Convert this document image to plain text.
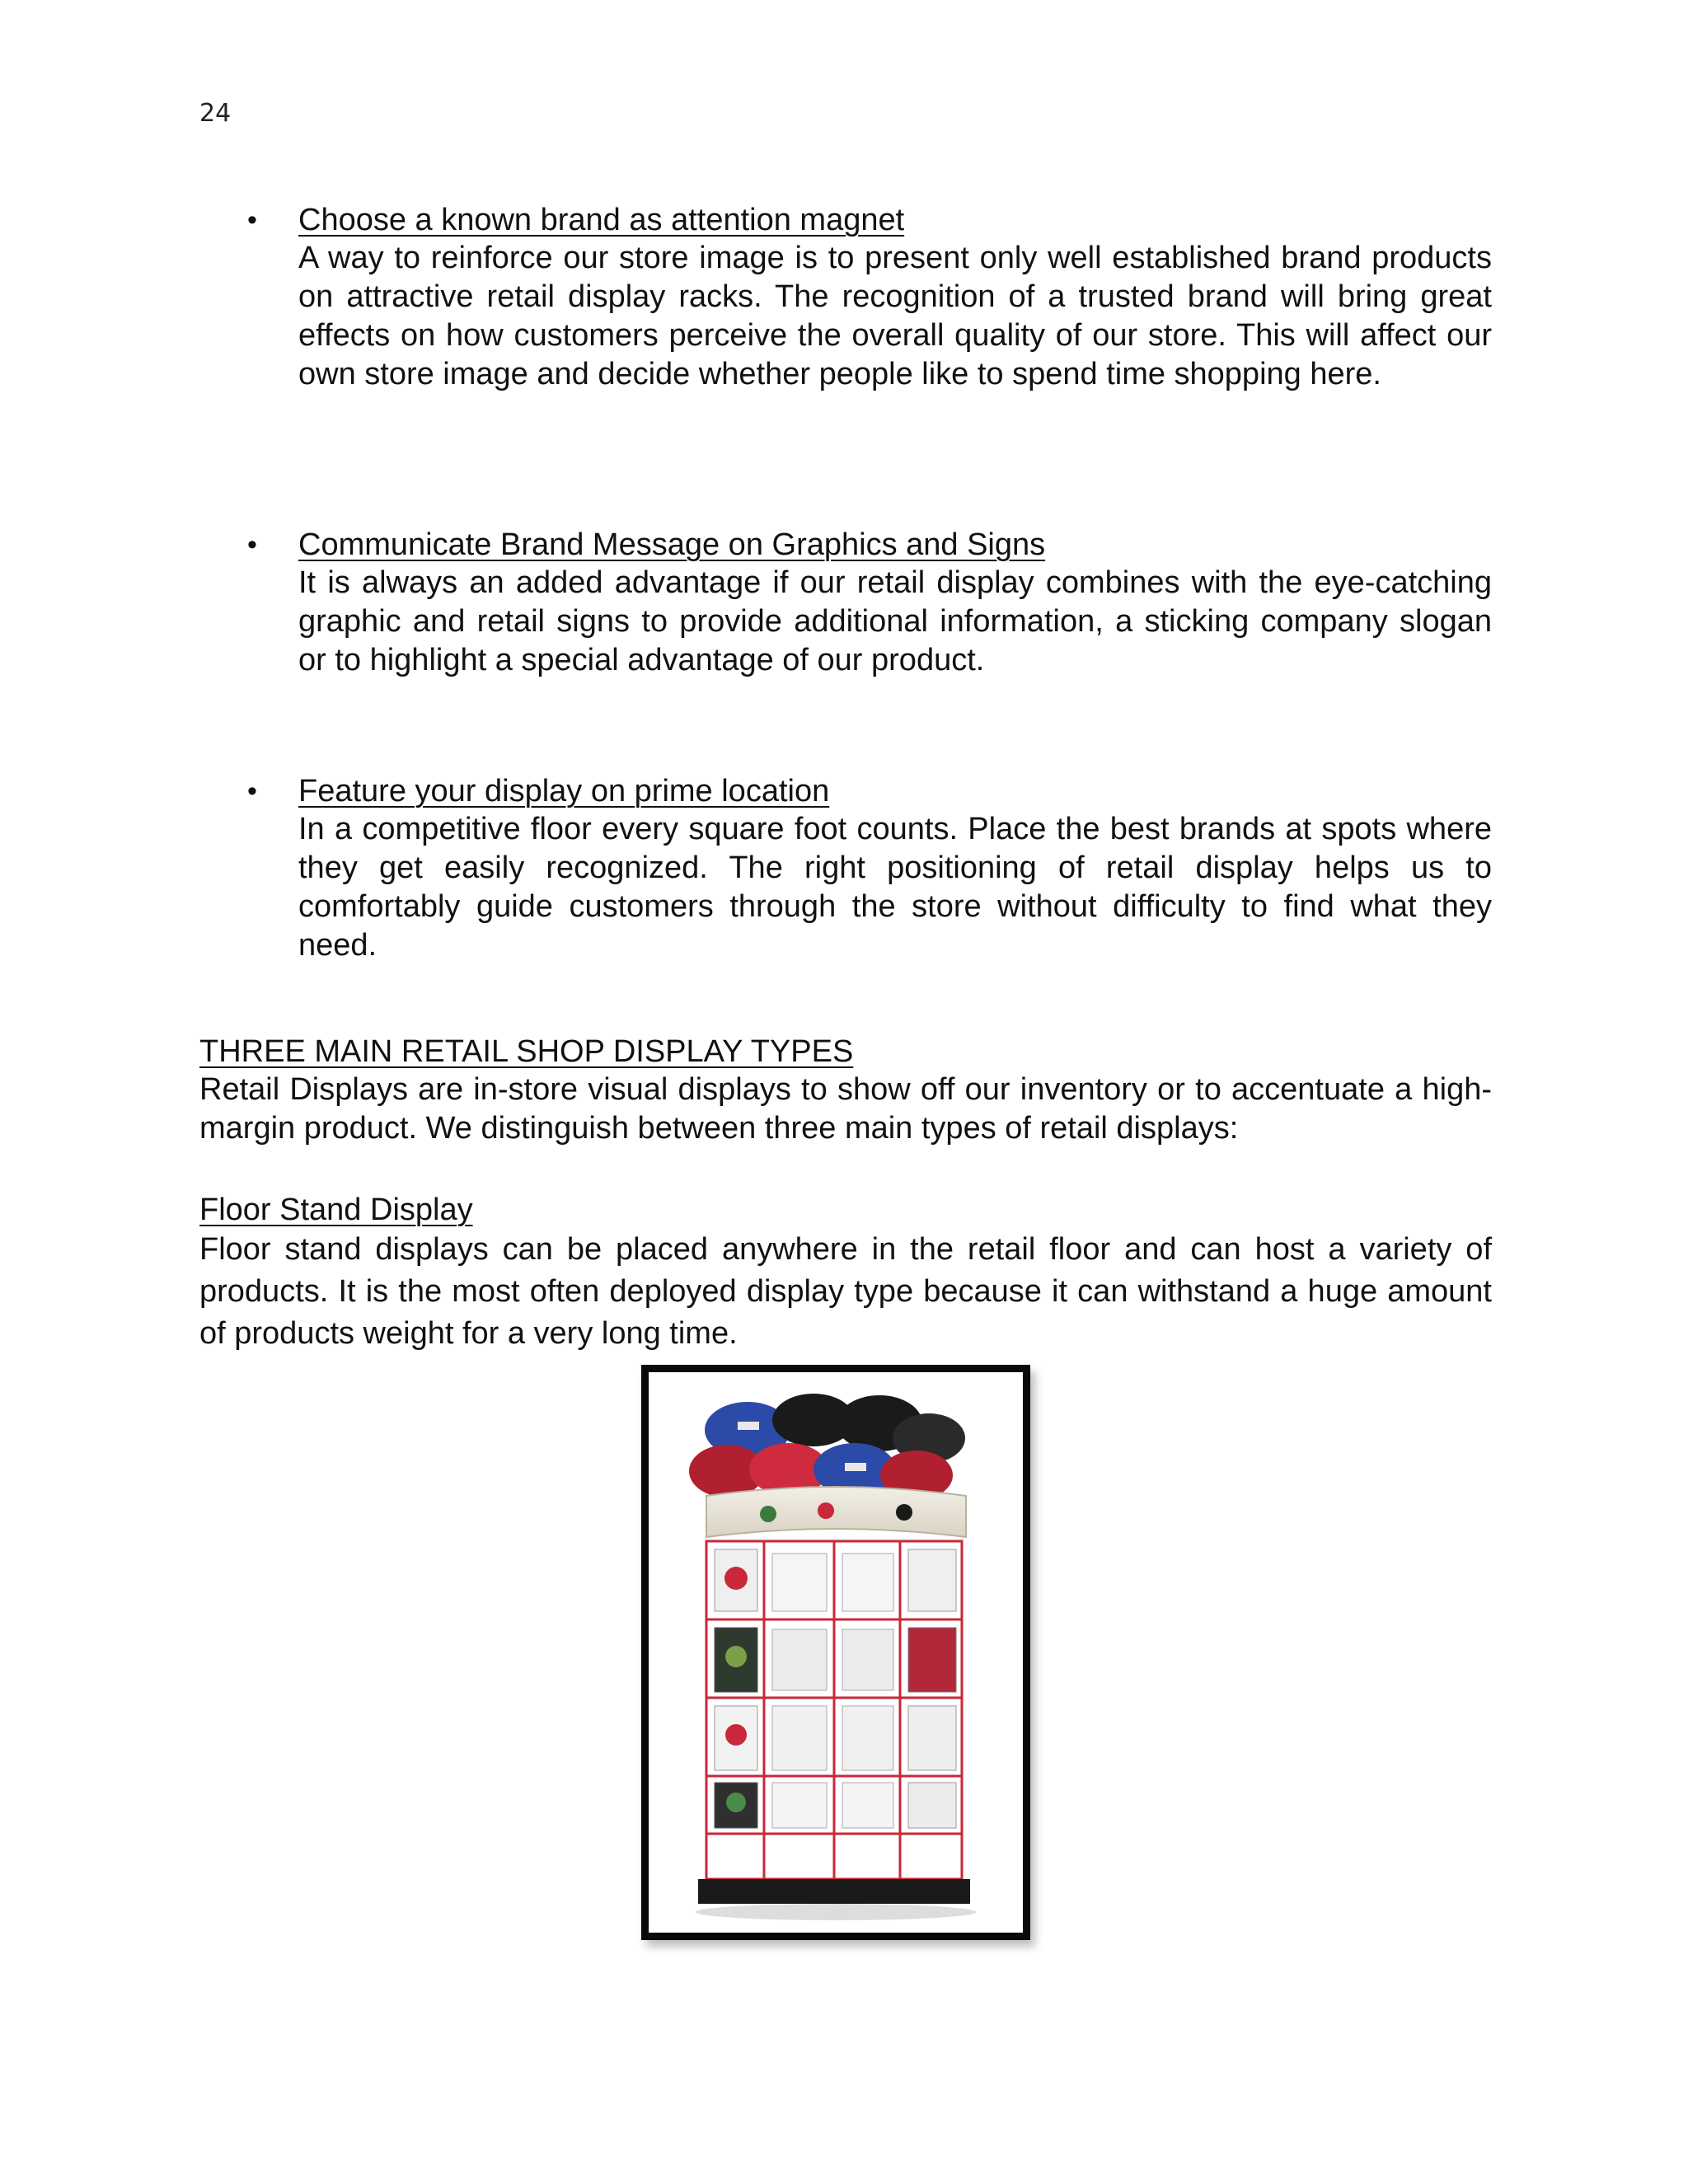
24
• Choose a known brand as attention magnet

A way to reinforce our store image is to present only well established brand products on attractive retail display racks. The recognition of a trusted brand will bring great effects on how customers perceive the overall quality of our store. This will affect our own store image and decide whether people like to spend time shopping here.

• Communicate Brand Message on Graphics and Signs

It is always an added advantage if our retail display combines with the eye-catching graphic and retail signs to provide additional information, a sticking company slogan or to highlight a special advantage of our product.

• Feature your display on prime location

In a competitive floor every square foot counts. Place the best brands at spots where they get easily recognized. The right positioning of retail display helps us to comfortably guide customers through the store without difficulty to find what they need.

THREE MAIN RETAIL SHOP DISPLAY TYPES

Retail Displays are in-store visual displays to show off our inventory or to accentuate a high-margin product. We distinguish between three main types of retail displays:

Floor Stand Display

Floor stand displays can be placed anywhere in the retail floor and can host a variety of products. It is the most often deployed display type because it can withstand a huge amount of products weight for a very long time.
